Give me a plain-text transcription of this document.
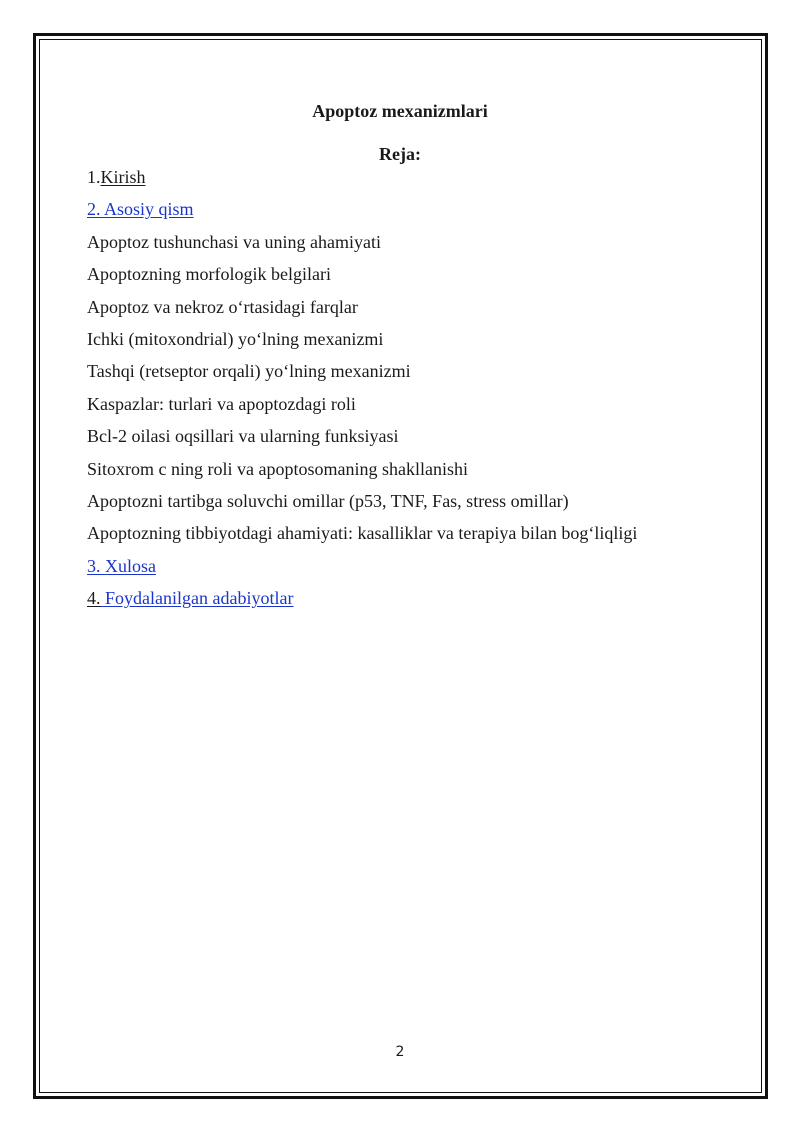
Apoptoz mexanizmlari
Reja:
1.Kirish
2. Asosiy qism
Apoptoz tushunchasi va uning ahamiyati
Apoptozning morfologik belgilari
Apoptoz va nekroz o‘rtasidagi farqlar
Ichki (mitoxondrial) yo‘lning mexanizmi
Tashqi (retseptor orqali) yo‘lning mexanizmi
Kaspazlar: turlari va apoptozdagi roli
Bcl-2 oilasi oqsillari va ularning funksiyasi
Sitoxrom c ning roli va apoptosomaning shakllanishi
Apoptozni tartibga soluvchi omillar (p53, TNF, Fas, stress omillar)
Apoptozning tibbiyotdagi ahamiyati: kasalliklar va terapiya bilan bog‘liqligi
3. Xulosa
4. Foydalanilgan adabiyotlar
2
